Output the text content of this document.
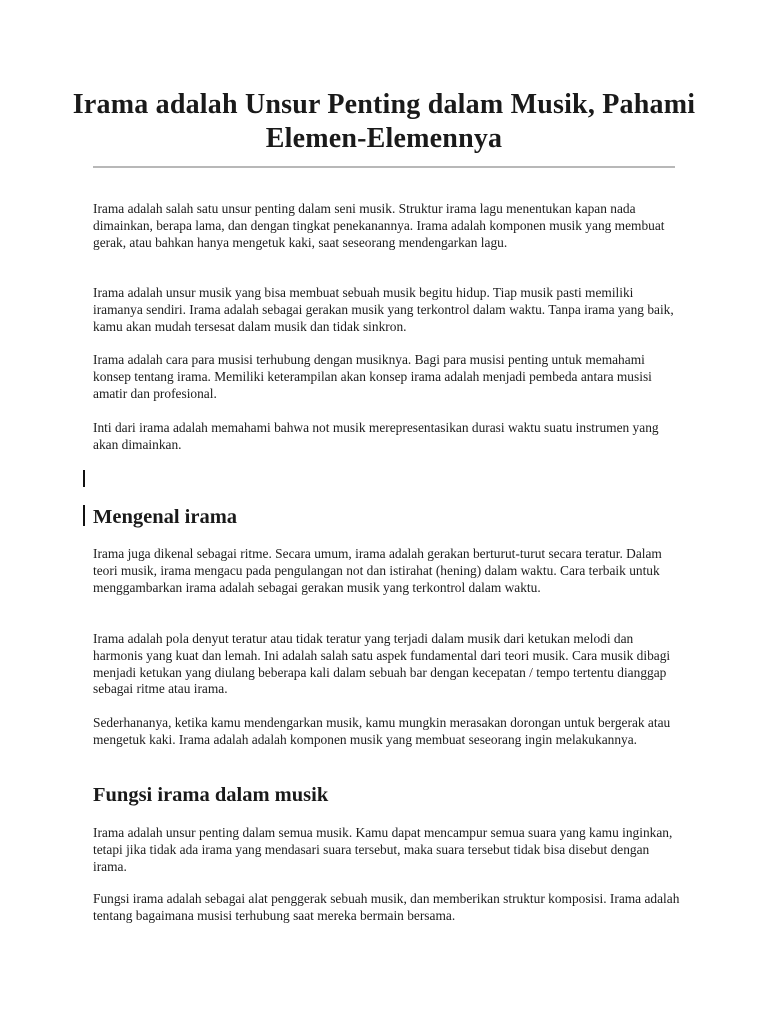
Irama adalah Unsur Penting dalam Musik, Pahami Elemen-Elemennya

Irama adalah salah satu unsur penting dalam seni musik. Struktur irama lagu menentukan kapan nada dimainkan, berapa lama, dan dengan tingkat penekanannya. Irama adalah komponen musik yang membuat gerak, atau bahkan hanya mengetuk kaki, saat seseorang mendengarkan lagu.

Irama adalah unsur musik yang bisa membuat sebuah musik begitu hidup. Tiap musik pasti memiliki iramanya sendiri. Irama adalah sebagai gerakan musik yang terkontrol dalam waktu. Tanpa irama yang baik, kamu akan mudah tersesat dalam musik dan tidak sinkron.

Irama adalah cara para musisi terhubung dengan musiknya. Bagi para musisi penting untuk memahami konsep tentang irama. Memiliki keterampilan akan konsep irama adalah menjadi pembeda antara musisi amatir dan profesional.

Inti dari irama adalah memahami bahwa not musik merepresentasikan durasi waktu suatu instrumen yang akan dimainkan.

Mengenal irama

Irama juga dikenal sebagai ritme. Secara umum, irama adalah gerakan berturut-turut secara teratur. Dalam teori musik, irama mengacu pada pengulangan not dan istirahat (hening) dalam waktu. Cara terbaik untuk menggambarkan irama adalah sebagai gerakan musik yang terkontrol dalam waktu.

Irama adalah pola denyut teratur atau tidak teratur yang terjadi dalam musik dari ketukan melodi dan harmonis yang kuat dan lemah. Ini adalah salah satu aspek fundamental dari teori musik. Cara musik dibagi menjadi ketukan yang diulang beberapa kali dalam sebuah bar dengan kecepatan / tempo tertentu dianggap sebagai ritme atau irama.

Sederhananya, ketika kamu mendengarkan musik, kamu mungkin merasakan dorongan untuk bergerak atau mengetuk kaki. Irama adalah adalah komponen musik yang membuat seseorang ingin melakukannya.

Fungsi irama dalam musik

Irama adalah unsur penting dalam semua musik. Kamu dapat mencampur semua suara yang kamu inginkan, tetapi jika tidak ada irama yang mendasari suara tersebut, maka suara tersebut tidak bisa disebut dengan irama.

Fungsi irama adalah sebagai alat penggerak sebuah musik, dan memberikan struktur komposisi. Irama adalah tentang bagaimana musisi terhubung saat mereka bermain bersama.
